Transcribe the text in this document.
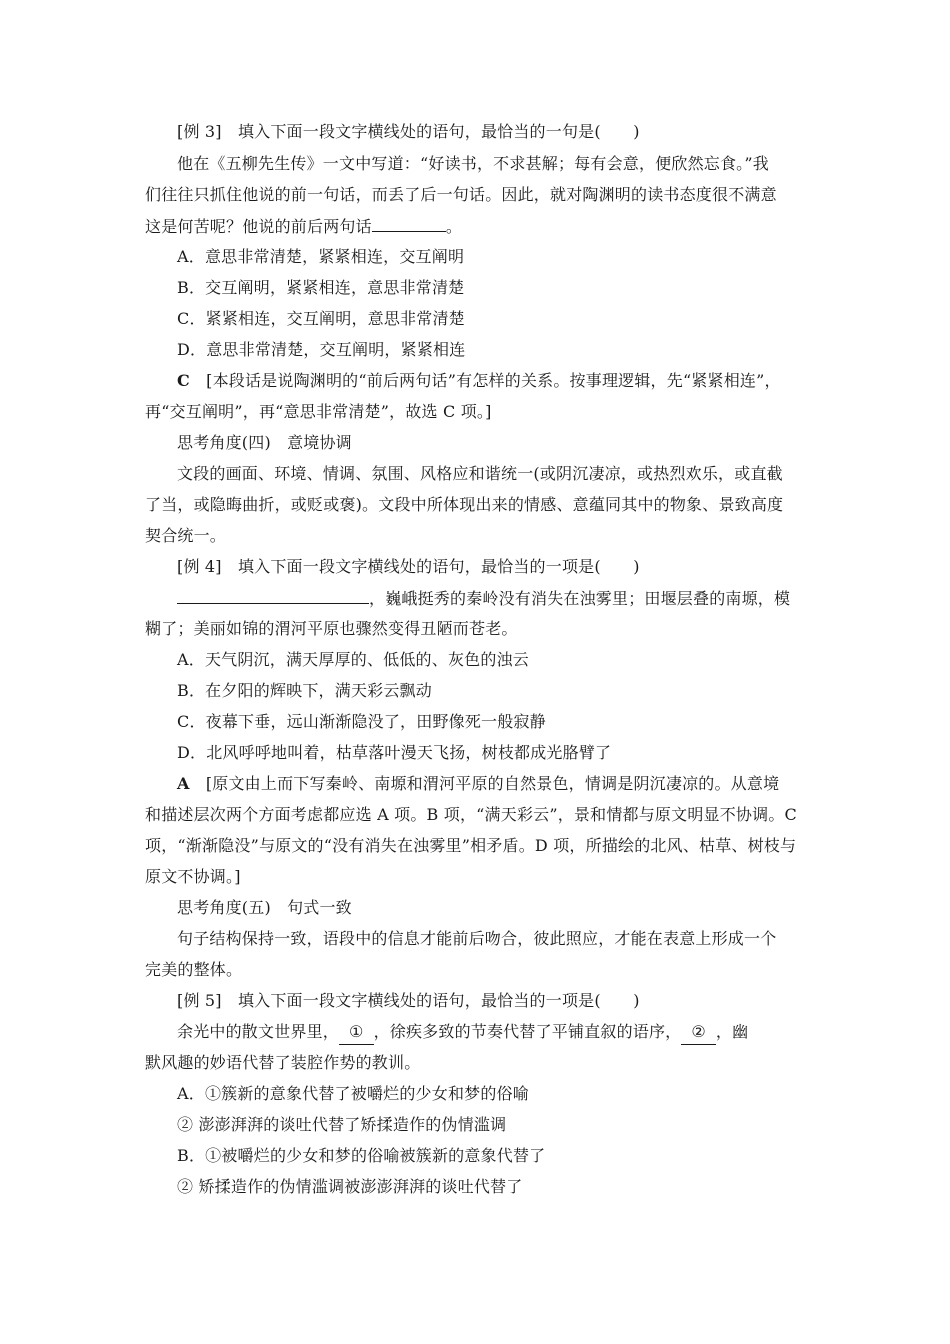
[例 3]　填入下面一段文字横线处的语句，最恰当的一句是(　　)
他在《五柳先生传》一文中写道：“好读书，不求甚解；每有会意，便欣然忘食。”我
们往往只抓住他说的前一句话，而丢了后一句话。因此，就对陶渊明的读书态度很不满意
这是何苦呢？他说的前后两句话	。
A．意思非常清楚，紧紧相连，交互阐明
B．交互阐明，紧紧相连，意思非常清楚
C．紧紧相连，交互阐明，意思非常清楚
D．意思非常清楚，交互阐明，紧紧相连
C　[本段话是说陶渊明的“前后两句话”有怎样的关系。按事理逻辑，先“紧紧相连”，
再“交互阐明”，再“意思非常清楚”，故选 C 项。]
思考角度(四)　意境协调
文段的画面、环境、情调、氛围、风格应和谐统一(或阴沉凄凉，或热烈欢乐，或直截
了当，或隐晦曲折，或贬或褒)。文段中所体现出来的情感、意蕴同其中的物象、景致高度
契合统一。
[例 4]　填入下面一段文字横线处的语句，最恰当的一项是(　　)
，巍峨挺秀的秦岭没有消失在浊雾里；田堰层叠的南塬，模
糊了；美丽如锦的渭河平原也骤然变得丑陋而苍老。
A．天气阴沉，满天厚厚的、低低的、灰色的浊云
B．在夕阳的辉映下，满天彩云飘动
C．夜幕下垂，远山渐渐隐没了，田野像死一般寂静
D．北风呼呼地叫着，枯草落叶漫天飞扬，树枝都成光胳臂了
A　[原文由上而下写秦岭、南塬和渭河平原的自然景色，情调是阴沉凄凉的。从意境
和描述层次两个方面考虑都应选 A 项。B 项，“满天彩云”，景和情都与原文明显不协调。C
项，“渐渐隐没”与原文的“没有消失在浊雾里”相矛盾。D 项，所描绘的北风、枯草、树枝与
原文不协调。]
思考角度(五)　句式一致
句子结构保持一致，语段中的信息才能前后吻合，彼此照应，才能在表意上形成一个
完美的整体。
[例 5]　填入下面一段文字横线处的语句，最恰当的一项是(　　)
余光中的散文世界里， ① ，徐疾多致的节奏代替了平铺直叙的语序， ② ，幽
默风趣的妙语代替了装腔作势的教训。
A．①簇新的意象代替了被嚼烂的少女和梦的俗喻
② 澎澎湃湃的谈吐代替了矫揉造作的伪情滥调
B．①被嚼烂的少女和梦的俗喻被簇新的意象代替了
② 矫揉造作的伪情滥调被澎澎湃湃的谈吐代替了
